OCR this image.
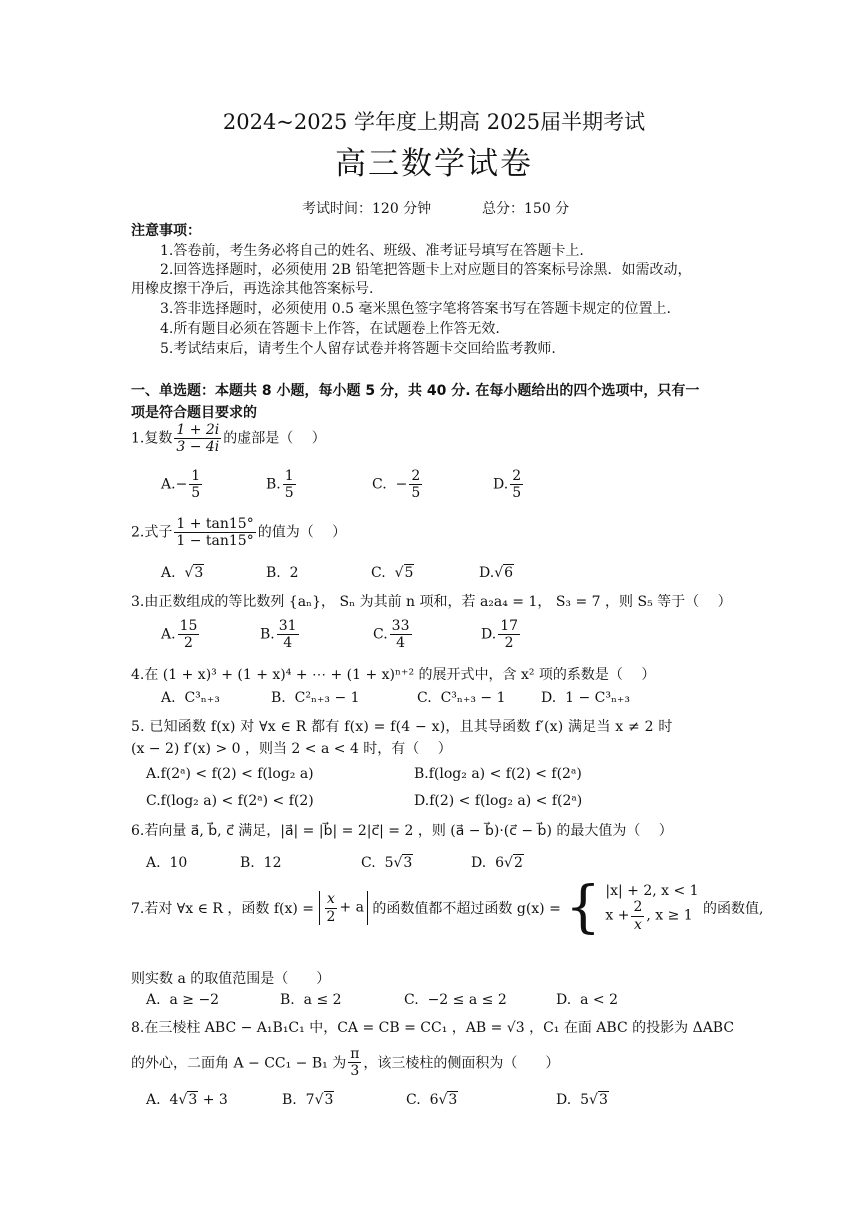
2024~2025 学年度上期高 2025届半期考试
高三数学试卷
考试时间：120 分钟	总分：150 分
注意事项：
1.答卷前，考生务必将自己的姓名、班级、准考证号填写在答题卡上.
2.回答选择题时，必须使用 2B 铅笔把答题卡上对应题目的答案标号涂黑．如需改动，
用橡皮擦干净后，再选涂其他答案标号.
3.答非选择题时，必须使用 0.5 毫米黑色签字笔将答案书写在答题卡规定的位置上.
4.所有题目必须在答题卡上作答，在试题卷上作答无效.
5.考试结束后，请考生个人留存试卷并将答题卡交回给监考教师.
一、单选题：本题共 8 小题，每小题 5 分，共 40 分. 在每小题给出的四个选项中，只有一
项是符合题目要求的
1.复数 $\frac{1 + 2i}{3 - 4i}$ 的虚部是（　 ）
$A.- \frac{1}{5}$	B. $\frac{1}{5}$	C. − $\frac{2}{5}$	D. $\frac{2}{5}$
2.式子 $\frac{1 + \tan 15^\circ}{1 - \tan 15^\circ}$ 的值为（　 ）
A.  √3	B. 2	C.  √5	D.√6
3.由正数组成的等比数列 {aₙ}， Sₙ 为其前 n 项和，若 a₂a₄ = 1， S₃ = 7 ，则 S₅ 等于（　 ）
A. $\frac{15}{2}$	B. $\frac{31}{4}$	C. $\frac{33}{4}$	D. $\frac{17}{2}$
4.在 (1 + x)³ + (1 + x)⁴ + ⋯ + (1 + x)ⁿ⁺² 的展开式中，含 x² 项的系数是（　 ）
A. C³ₙ₊₃	B. C²ₙ₊₃ − 1	C. C³ₙ₊₃ − 1	D. 1 − C³ₙ₊₃
5. 已知函数 f(x) 对 ∀x ∈ R 都有 f(x) = f(4 − x)，且其导函数 f′(x) 满足当 x ≠ 2 时
(x − 2) f′(x) > 0 ，则当 2 < a < 4 时，有（　 ）
A.f(2ᵃ) < f(2) < f(log₂ a)	B.f(log₂ a) < f(2) < f(2ᵃ)
C.f(log₂ a) < f(2ᵃ) < f(2)	D.f(2) < f(log₂ a) < f(2ᵃ)
6.若向量 a⃗, b⃗, c⃗ 满足，|a⃗| = |b⃗| = 2|c⃗| = 2 ，则 (a⃗ − b⃗)·(c⃗ − b⃗) 的最大值为（　 ）
A. 10	B. 12	C. 5√3	D. 6√2
7.若对 ∀x ∈ R ，函数 $f(x) = \frac{x}{2} + a$ 的函数值都不超过函数 g(x) = { |x| + 2, x < 1
$x + \frac{2}{x}$ , x ≥ 1 的函数值,
则实数 a 的取值范围是（　　）
A. a ≥ −2	B. a ≤ 2	C. −2 ≤ a ≤ 2	D. a < 2
8.在三棱柱 ABC − A₁B₁C₁ 中，CA = CB = CC₁ ，AB = √3 ，C₁ 在面 ABC 的投影为 ΔABC
的外心，二面角 A − CC₁ − B₁ 为 $\frac{\pi}{3}$ ，该三棱柱的侧面积为（　　）
A. 4√3 + 3	B. 7√3	C. 6√3	D. 5√3
